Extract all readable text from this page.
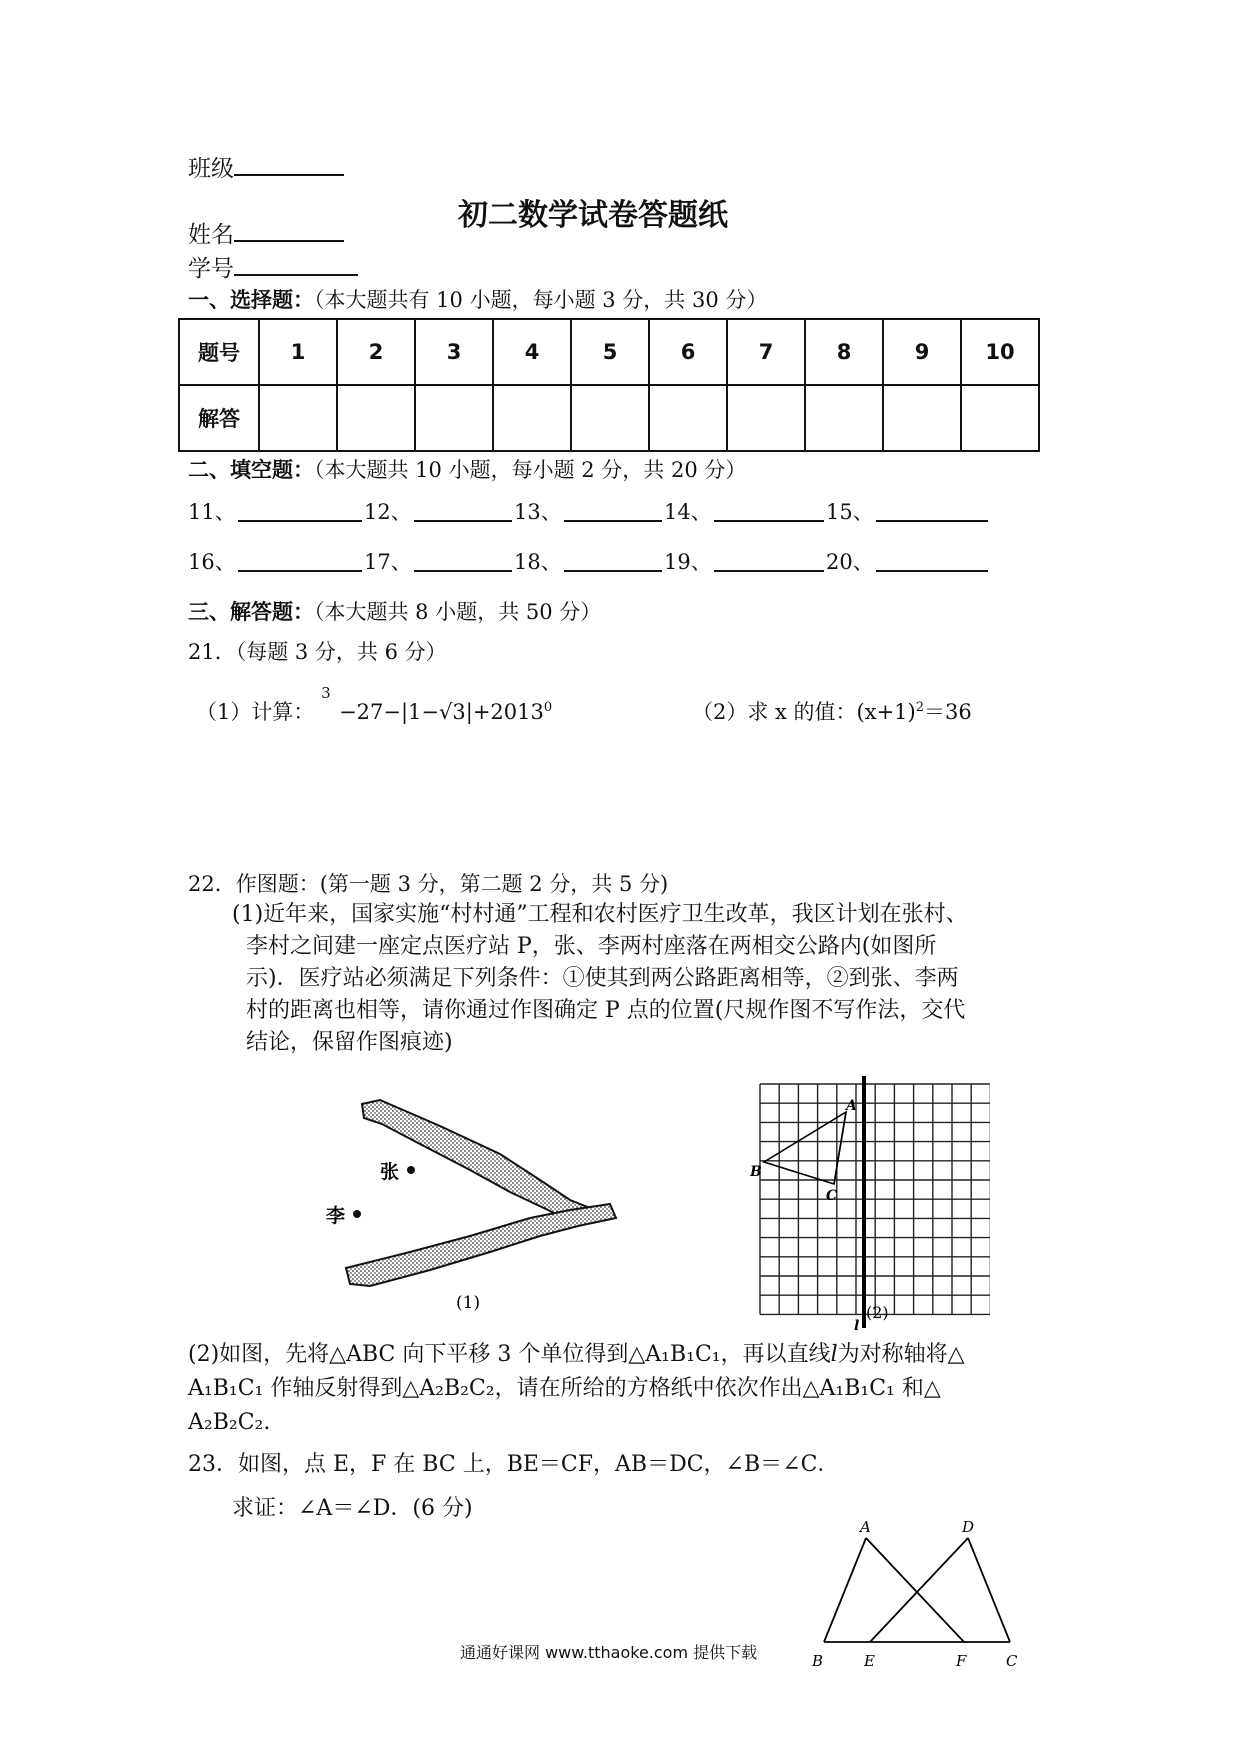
班级
初二数学试卷答题纸
姓名
学号
一、选择题：（本大题共有 10 小题，每小题 3 分，共 30 分）
题号	1	2	3	4	5	6	7	8	9	10
解答										
二、填空题：（本大题共 10 小题，每小题 2 分，共 20 分）
11、	12、	13、	14、	15、
16、	17、	18、	19、	20、
三、解答题：（本大题共 8 小题，共 50 分）
21．（每题 3 分，共 6 分）
（1）计算：
3
$-27-|1-√3|+2013^0$	（2）求 x 的值：$(x+1)^2=36$
22．作图题：(第一题 3 分，第二题 2 分，共 5 分)
(1)近年来，国家实施“村村通”工程和农村医疗卫生改革，我区计划在张村、
李村之间建一座定点医疗站 P，张、李两村座落在两相交公路内(如图所
示)．医疗站必须满足下列条件：①使其到两公路距离相等，②到张、李两
村的距离也相等，请你通过作图确定 P 点的位置(尺规作图不写作法，交代
结论，保留作图痕迹)
张
李
(1)
A
B
C
l
(2)
(2)如图，先将△ABC 向下平移 3 个单位得到△A₁B₁C₁，再以直线l为对称轴将△
A₁B₁C₁ 作轴反射得到△A₂B₂C₂，请在所给的方格纸中依次作出△A₁B₁C₁ 和△
A₂B₂C₂.
23．如图，点 E，F 在 BC 上，BE＝CF，AB＝DC，∠B＝∠C．
求证：∠A＝∠D．(6 分)
A	D
B	E	F	C
通通好课网 www.tthaoke.com 提供下载
